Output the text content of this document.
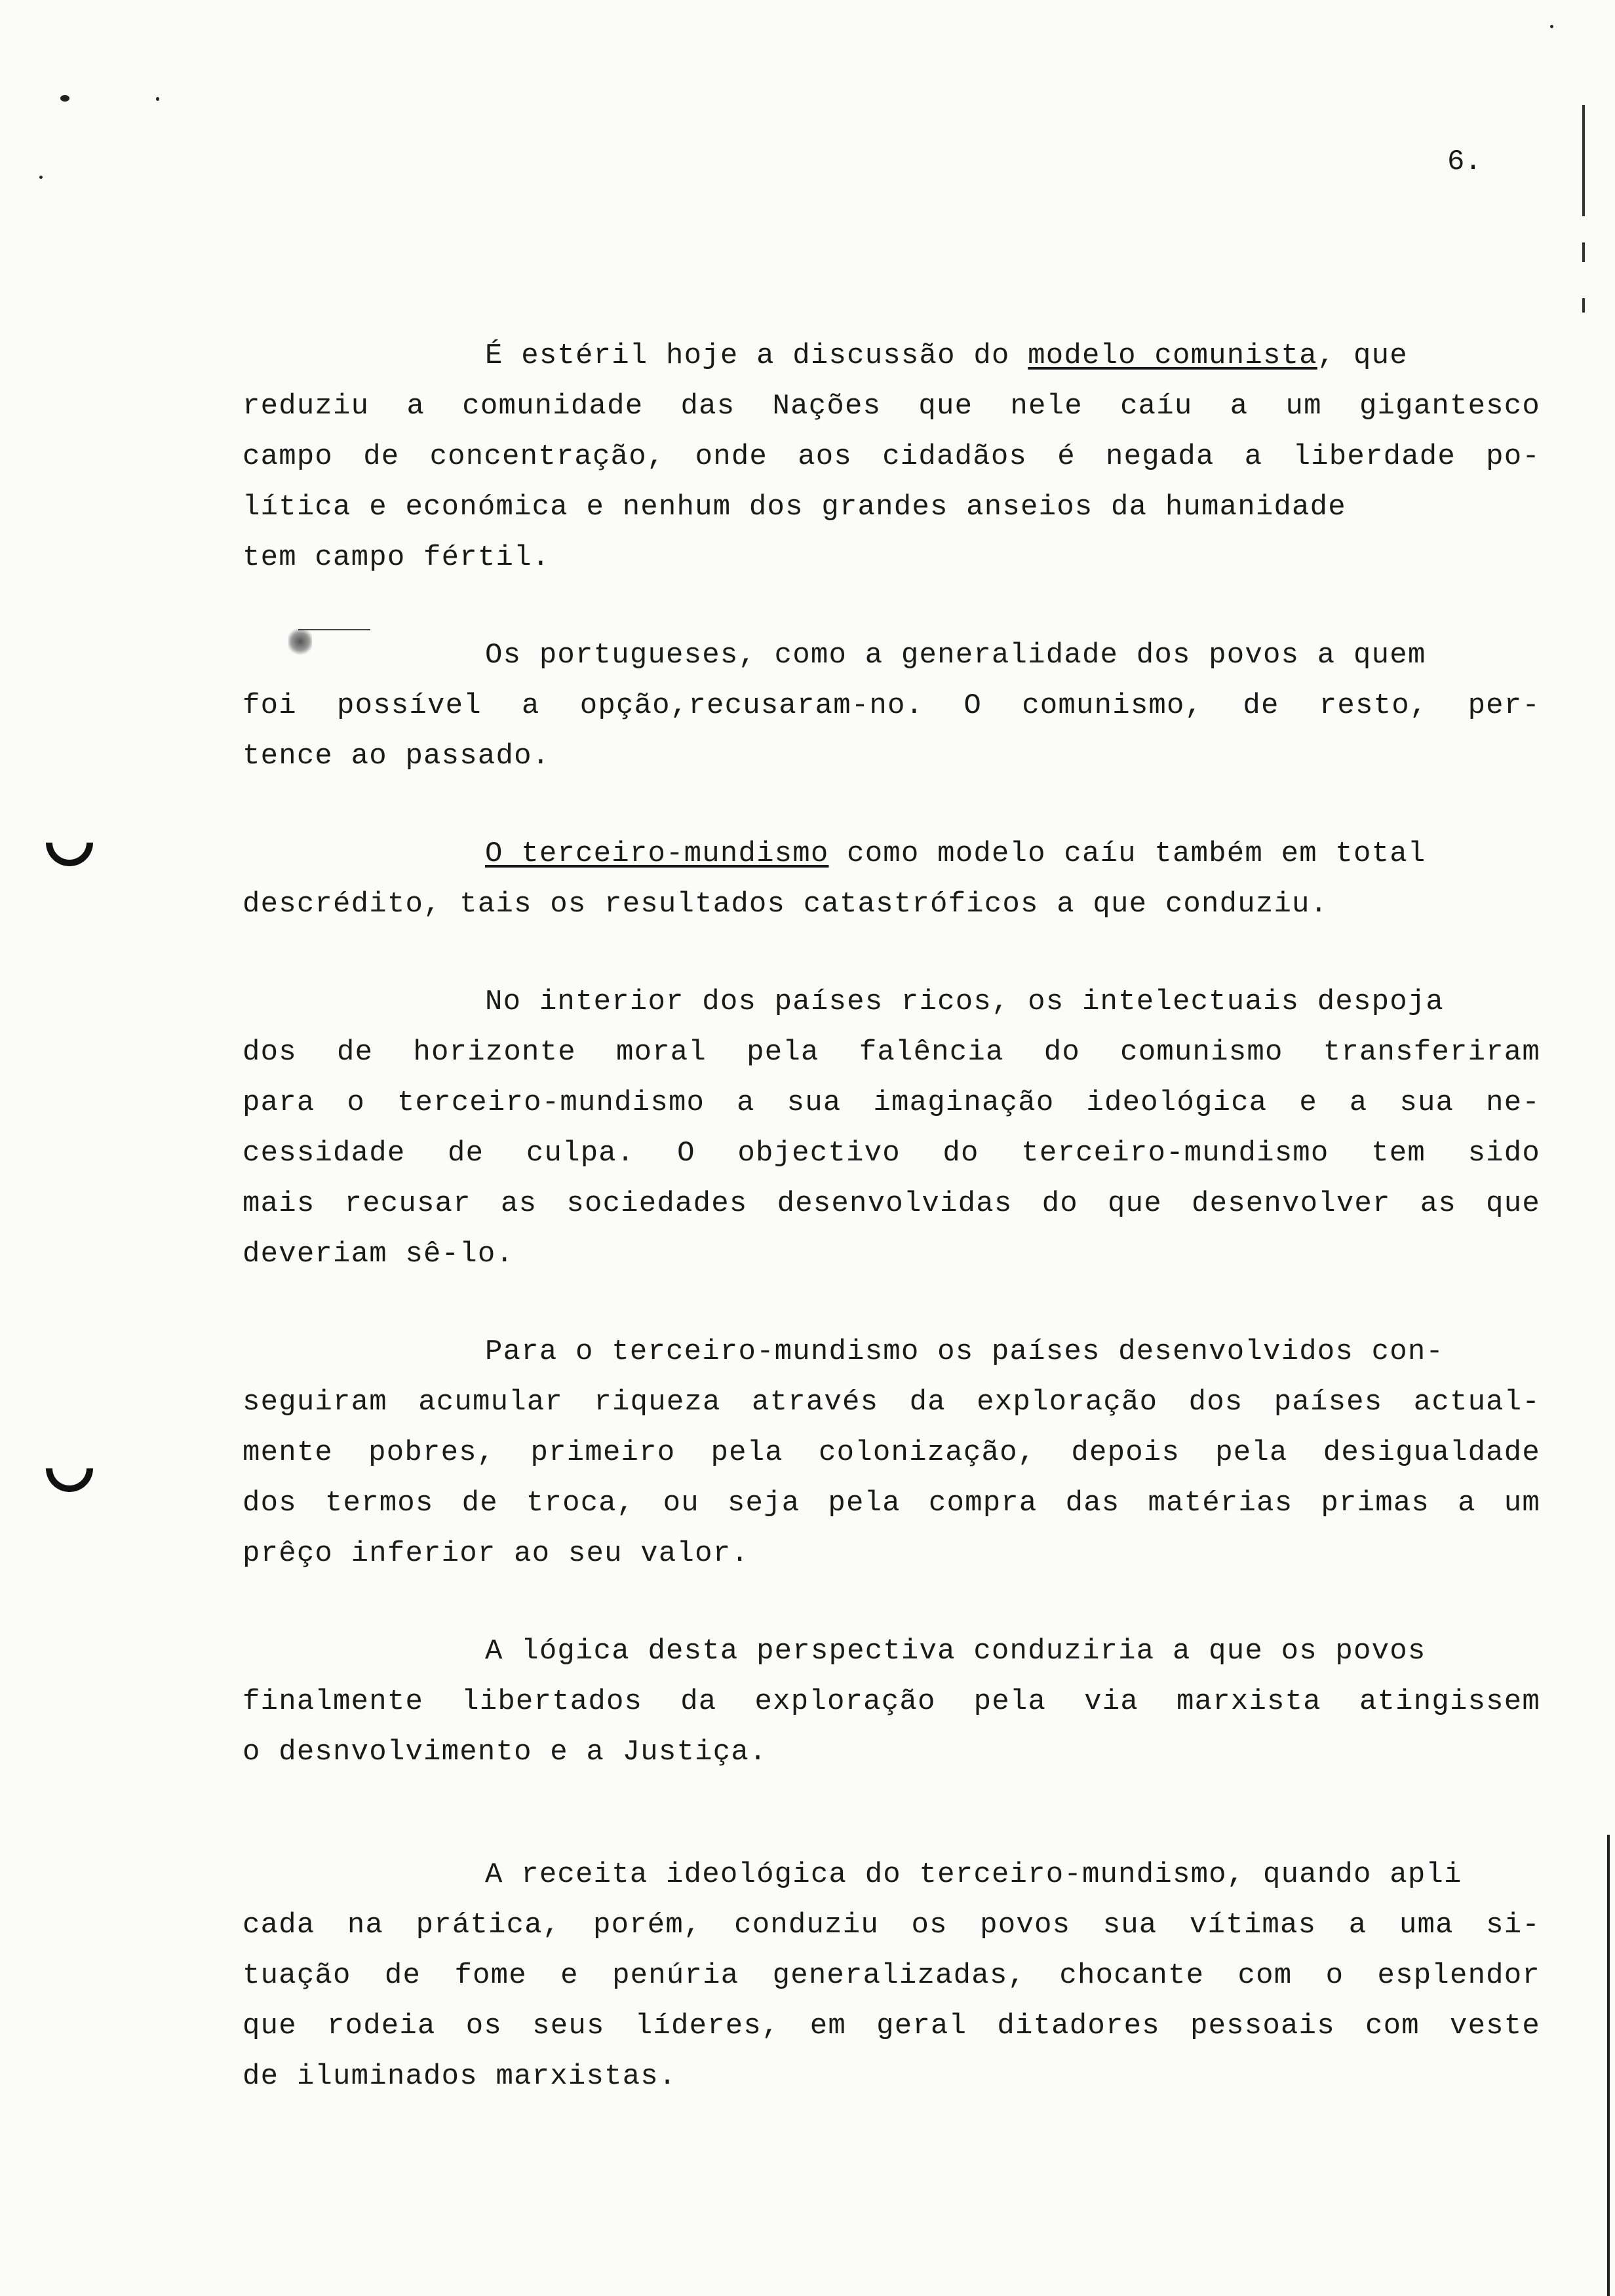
6.
É estéril hoje a discussão do modelo comunista, que
reduziu a comunidade das Nações que nele caíu a um gigantesco
campo de concentração, onde aos cidadãos é negada a liberdade po-
lítica e económica e nenhum dos grandes anseios da humanidade
tem campo fértil.
Os portugueses, como a generalidade dos povos a quem
foi possível a opção,recusaram-no. O comunismo, de resto, per-
tence ao passado.
O terceiro-mundismo como modelo caíu também em total
descrédito, tais os resultados catastróficos a que conduziu.
No interior dos países ricos, os intelectuais despoja
dos de horizonte moral pela falência do comunismo transferiram
para o terceiro-mundismo a sua imaginação ideológica e a sua ne-
cessidade de culpa. O objectivo do terceiro-mundismo tem sido
mais recusar as sociedades desenvolvidas do que desenvolver as que
deveriam sê-lo.
Para o terceiro-mundismo os países desenvolvidos con-
seguiram acumular riqueza através da exploração dos países actual-
mente pobres, primeiro pela colonização, depois pela desigualdade
dos termos de troca, ou seja pela compra das matérias primas a um
prêço inferior ao seu valor.
A lógica desta perspectiva conduziria a que os povos
finalmente libertados da exploração pela via marxista atingissem
o desnvolvimento e a Justiça.
A receita ideológica do terceiro-mundismo, quando apli
cada na prática, porém, conduziu os povos sua vítimas a uma si-
tuação de fome e penúria generalizadas, chocante com o esplendor
que rodeia os seus líderes, em geral ditadores pessoais com veste
de iluminados marxistas.
